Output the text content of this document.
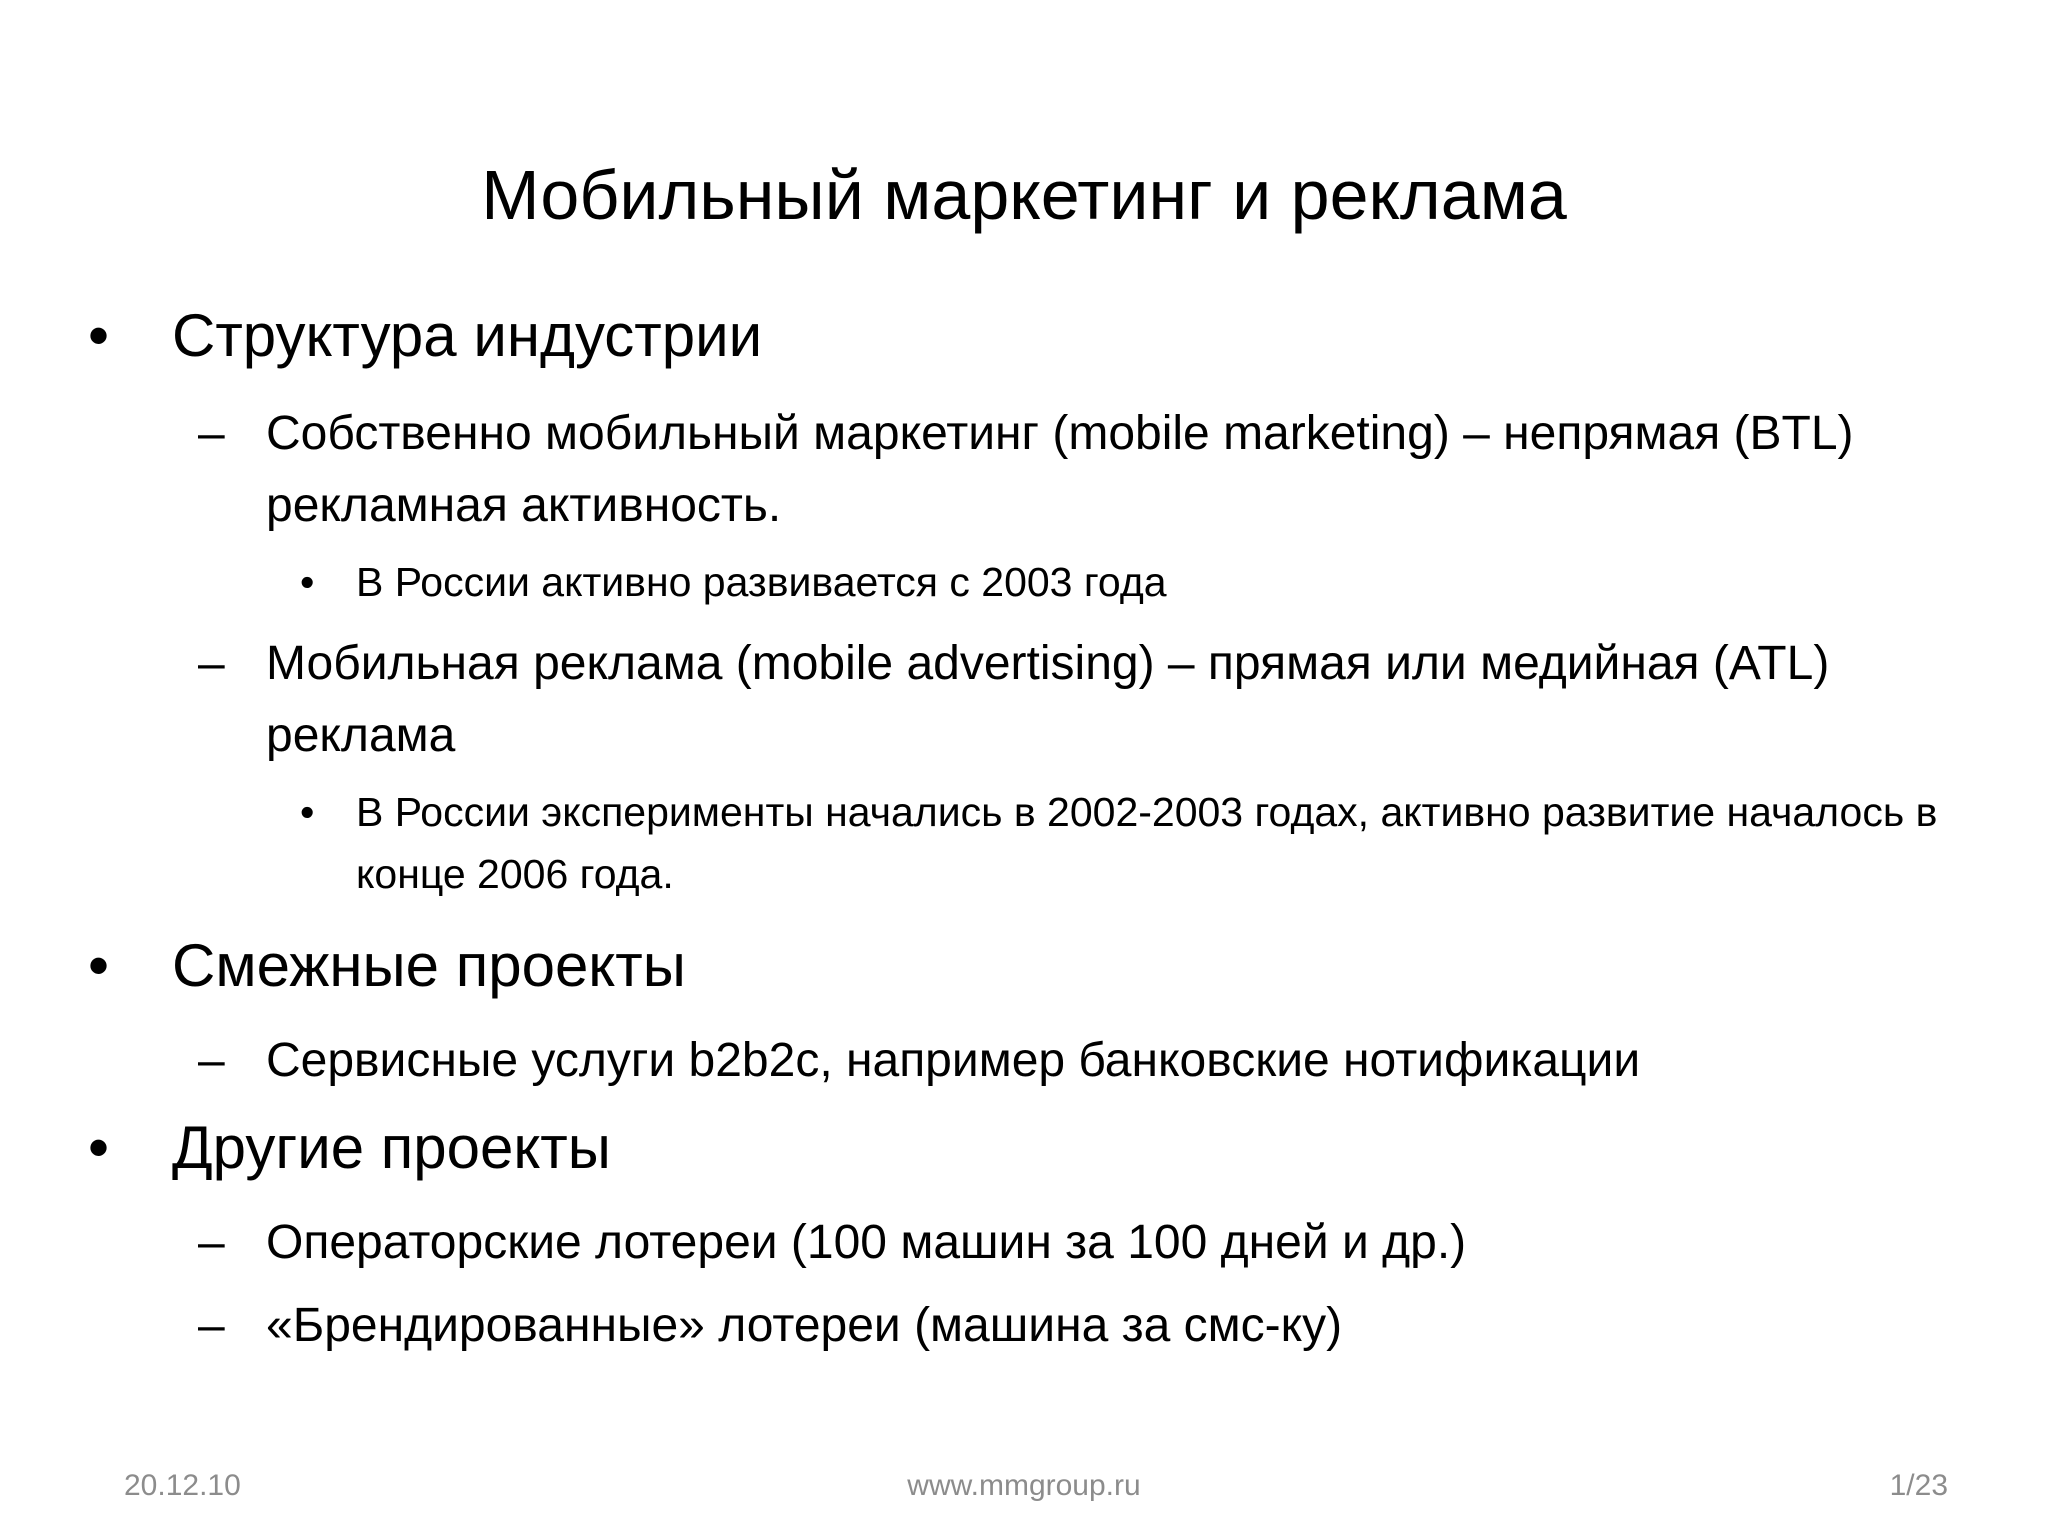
Мобильный маркетинг и реклама
•	Структура индустрии
– Собственно мобильный маркетинг (mobile marketing) – непрямая (BTL) рекламная активность.
•	В России активно развивается с 2003 года
– Мобильная реклама (mobile advertising) – прямая или медийная (ATL) реклама
•	В России эксперименты начались в 2002-2003 годах, активно развитие началось в конце 2006 года.
•	Смежные проекты
– Сервисные услуги b2b2c, например банковские нотификации
•	Другие проекты
– Операторские лотереи (100 машин за 100 дней и др.)
– «Брендированные» лотереи (машина за смс-ку)
20.12.10	www.mmgroup.ru	1/23
